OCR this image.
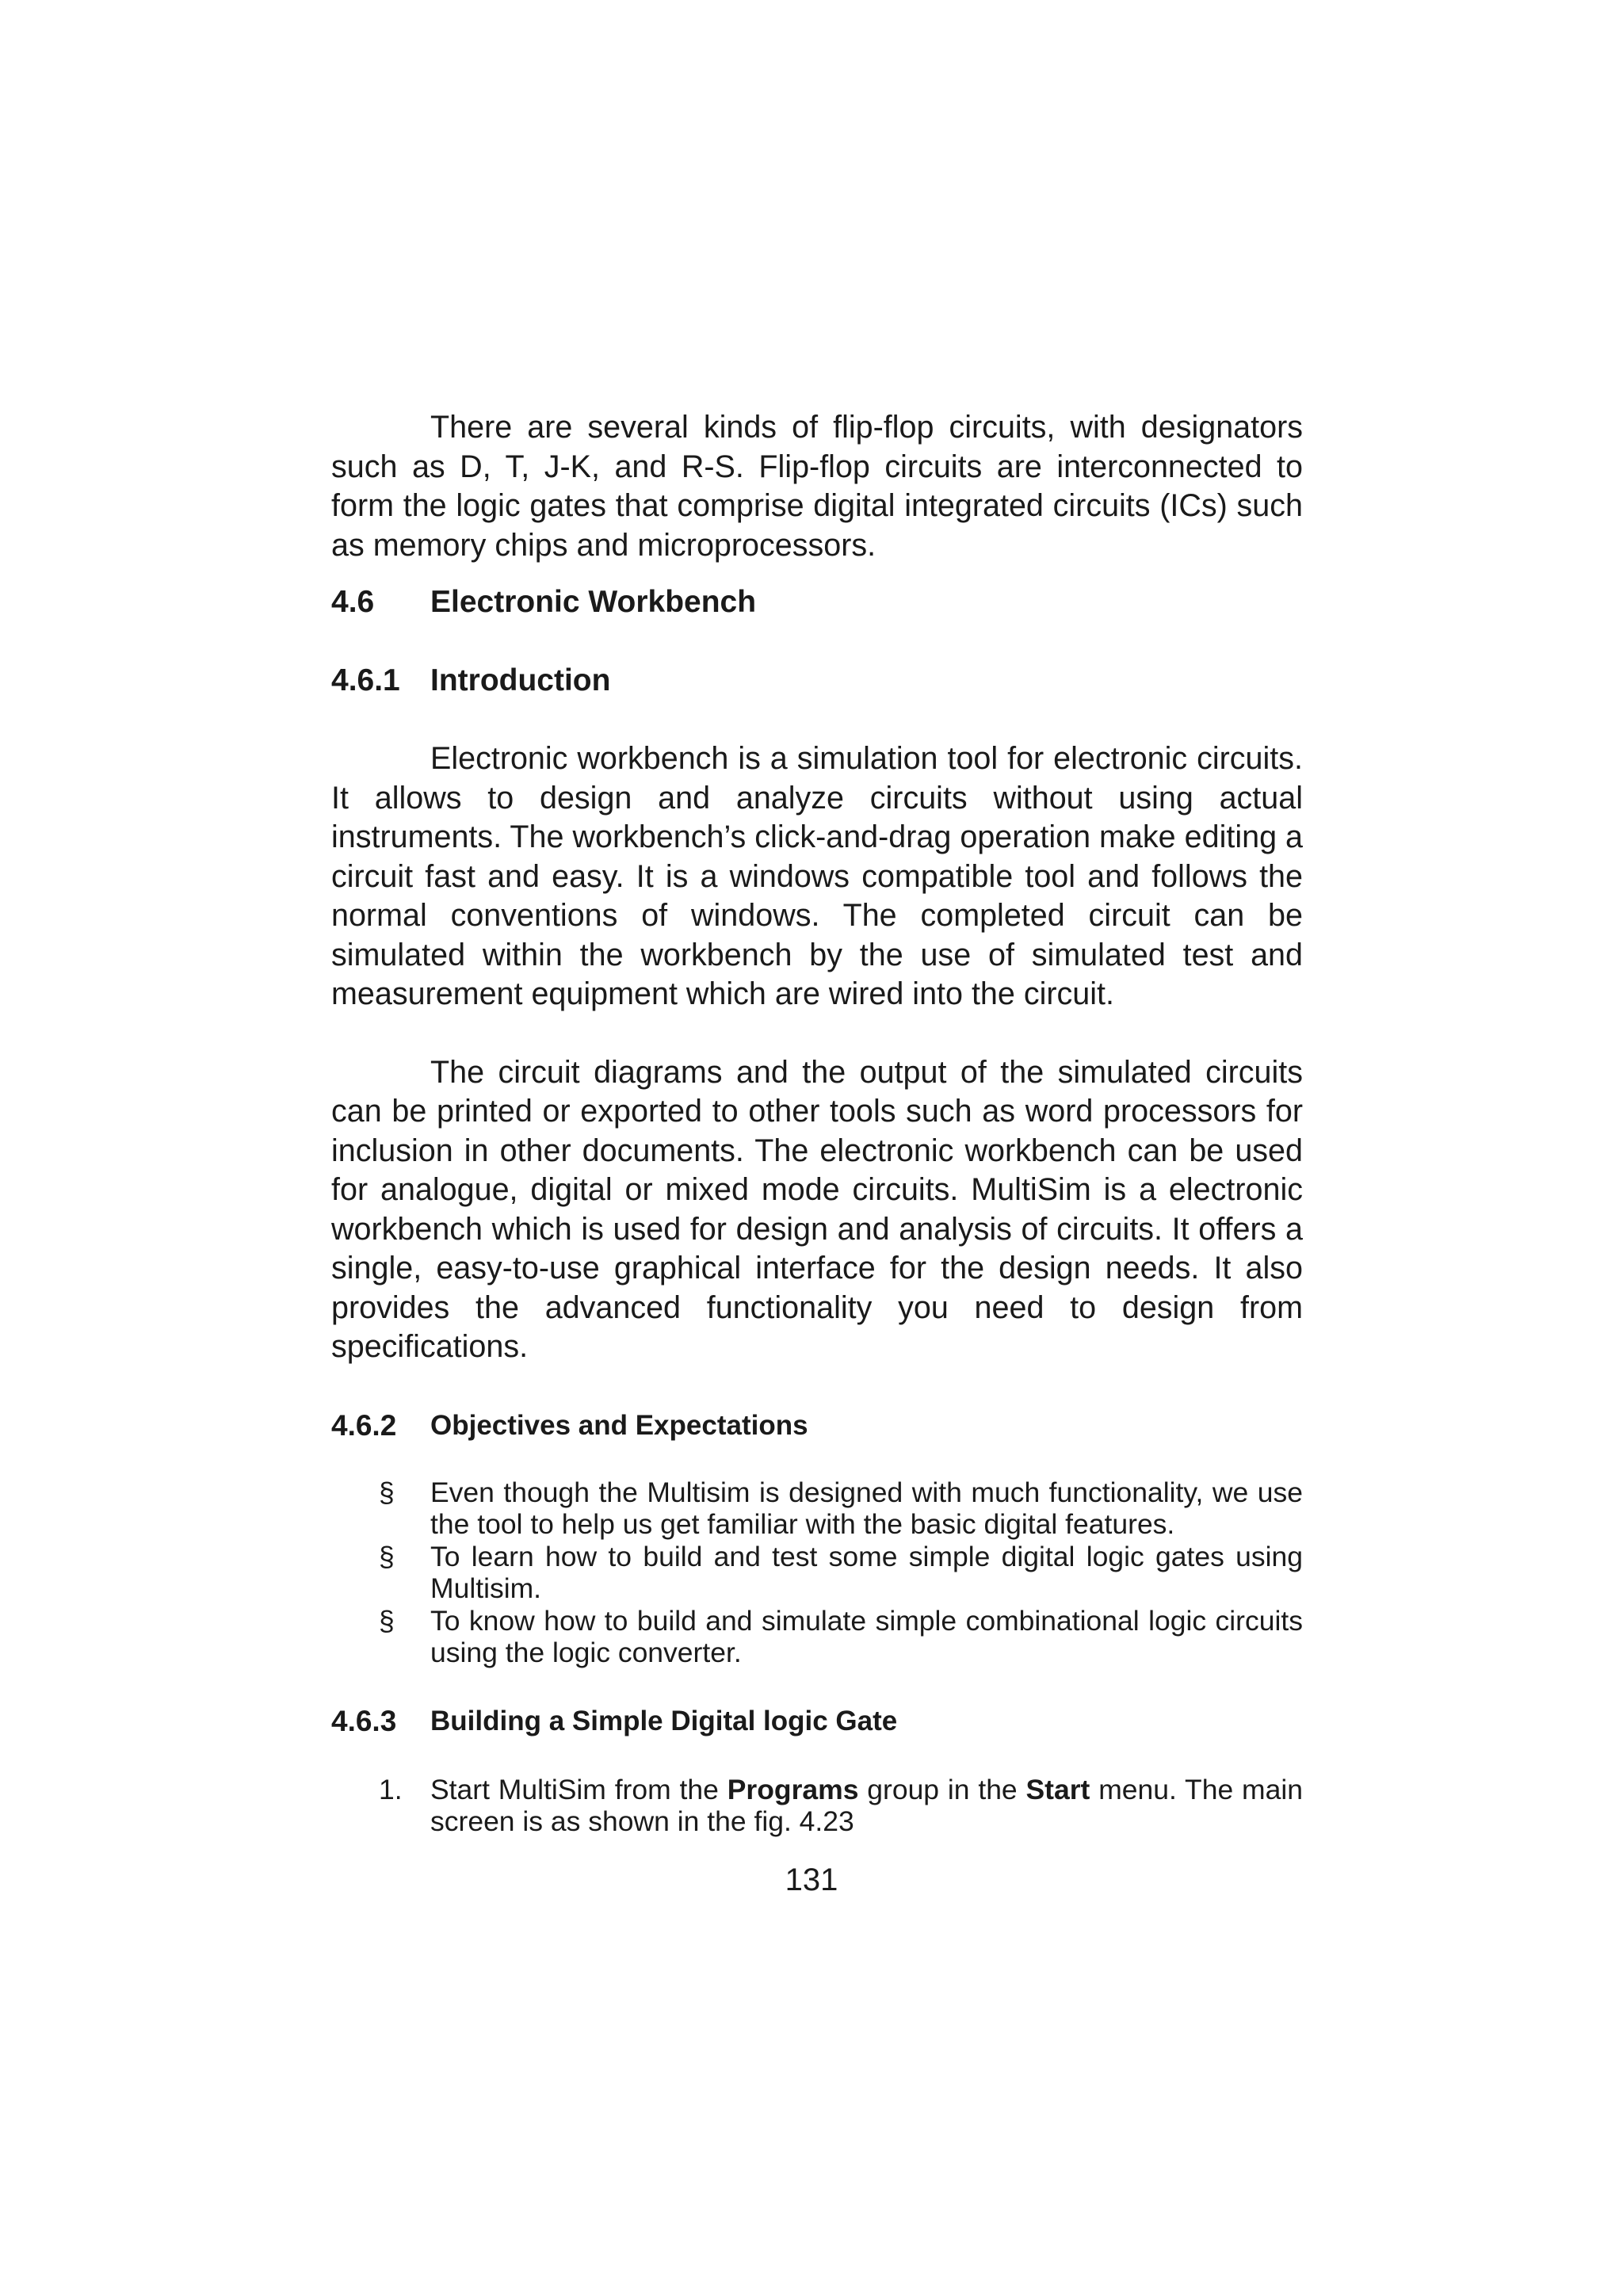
There are several kinds of flip-flop circuits, with designators such as D, T, J-K, and R-S. Flip-flop circuits are interconnected to form the logic gates that comprise digital integrated circuits (ICs) such as memory chips and microprocessors.

4.6	Electronic Workbench
4.6.1 Introduction

Electronic workbench is a simulation tool for electronic circuits. It allows to design and analyze circuits without using actual instruments. The workbench’s click-and-drag operation make editing a circuit fast and easy. It is a windows compatible tool and follows the normal conventions of windows. The completed circuit can be simulated within the workbench by the use of simulated test and measurement equipment which are wired into the circuit.

The circuit diagrams and the output of the simulated circuits can be printed or exported to other tools such as word processors for inclusion in other documents. The electronic workbench can be used for analogue, digital or mixed mode circuits. MultiSim is a electronic workbench which is used for design and analysis of circuits. It offers a single, easy-to-use graphical interface for the design needs. It also provides the advanced functionality you need to design from specifications.

4.6.2	Objectives and Expectations
§	Even though the Multisim is designed with much functionality, we use the tool to help us get familiar with the basic digital features.
§	To learn how to build and test some simple digital logic gates using Multisim.
§	To know how to build and simulate simple combinational logic circuits using the logic converter.
4.6.3	Building a Simple Digital logic Gate
1. Start MultiSim from the Programs group in the Start menu. The main screen is as shown in the fig. 4.23
131
